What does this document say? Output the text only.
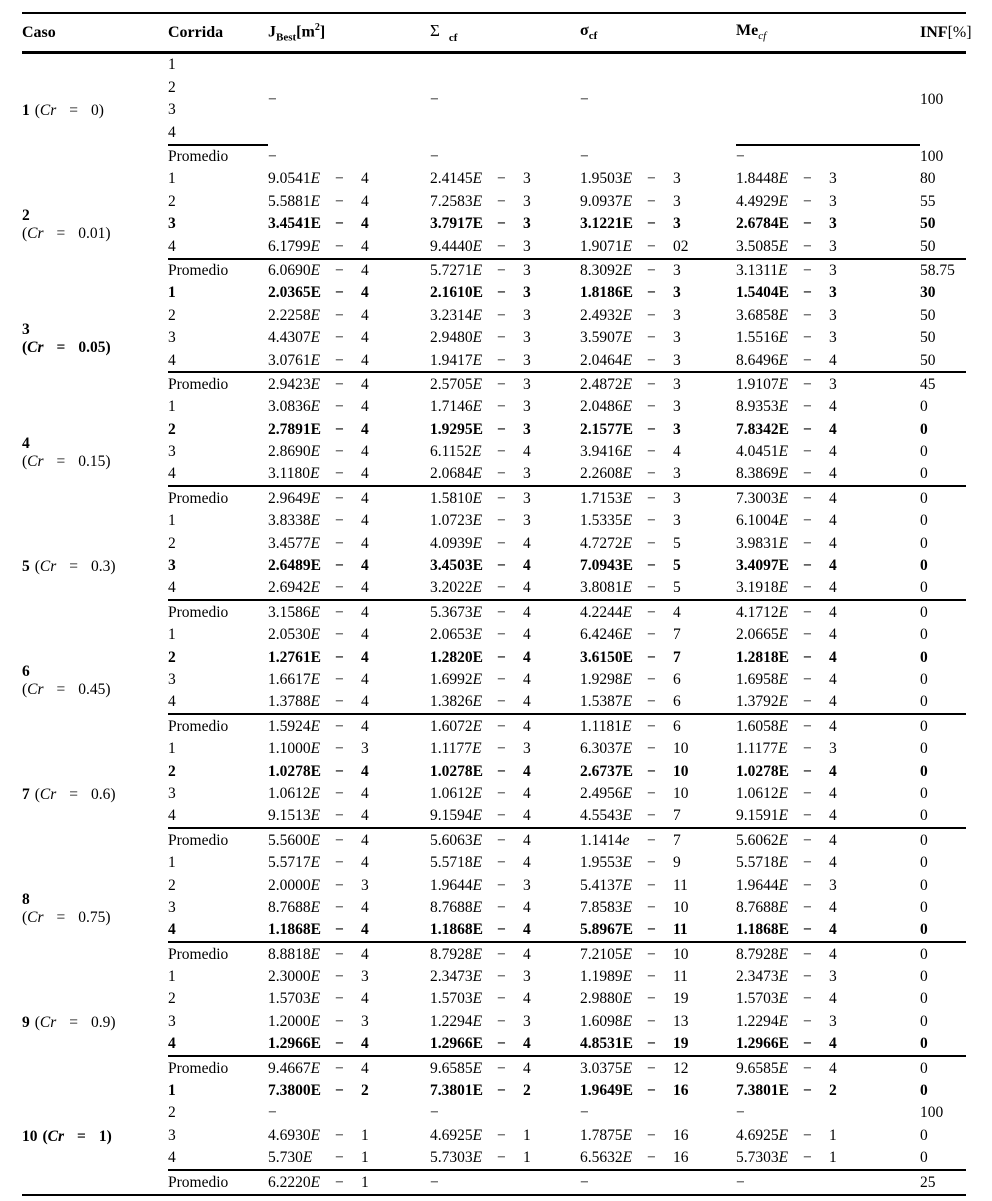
Caso	Corrida	$J_{Best}[m^2]$	Σ $_{cf}$	$\sigma_{cf}$	$Me_{cf}$	INF[%]
1 (Cr = 0)	1	−	−	−		100
	2					
	3					
	4					
	Promedio	−	−	−	−	100
2
(Cr = 0.01)	1	9.0541E − 4	2.4145E − 3	1.9503E − 3	1.8448E − 3	80
	2	5.5881E − 4	7.2583E − 3	9.0937E − 3	4.4929E − 3	55
	3	3.4541E − 4	3.7917E − 3	3.1221E − 3	2.6784E − 3	50
	4	6.1799E − 4	9.4440E − 3	1.9071E − 02	3.5085E − 3	50
	Promedio	6.0690E − 4	5.7271E − 3	8.3092E − 3	3.1311E − 3	58.75
3
(Cr = 0.05)	1	2.0365E − 4	2.1610E − 3	1.8186E − 3	1.5404E − 3	30
	2	2.2258E − 4	3.2314E − 3	2.4932E − 3	3.6858E − 3	50
	3	4.4307E − 4	2.9480E − 3	3.5907E − 3	1.5516E − 3	50
	4	3.0761E − 4	1.9417E − 3	2.0464E − 3	8.6496E − 4	50
	Promedio	2.9423E − 4	2.5705E − 3	2.4872E − 3	1.9107E − 3	45
4
(Cr = 0.15)	1	3.0836E − 4	1.7146E − 3	2.0486E − 3	8.9353E − 4	0
	2	2.7891E − 4	1.9295E − 3	2.1577E − 3	7.8342E − 4	0
	3	2.8690E − 4	6.1152E − 4	3.9416E − 4	4.0451E − 4	0
	4	3.1180E − 4	2.0684E − 3	2.2608E − 3	8.3869E − 4	0
	Promedio	2.9649E − 4	1.5810E − 3	1.7153E − 3	7.3003E − 4	0
5 (Cr = 0.3)	1	3.8338E − 4	1.0723E − 3	1.5335E − 3	6.1004E − 4	0
	2	3.4577E − 4	4.0939E − 4	4.7272E − 5	3.9831E − 4	0
	3	2.6489E − 4	3.4503E − 4	7.0943E − 5	3.4097E − 4	0
	4	2.6942E − 4	3.2022E − 4	3.8081E − 5	3.1918E − 4	0
	Promedio	3.1586E − 4	5.3673E − 4	4.2244E − 4	4.1712E − 4	0
6
(Cr = 0.45)	1	2.0530E − 4	2.0653E − 4	6.4246E − 7	2.0665E − 4	0
	2	1.2761E − 4	1.2820E − 4	3.6150E − 7	1.2818E − 4	0
	3	1.6617E − 4	1.6992E − 4	1.9298E − 6	1.6958E − 4	0
	4	1.3788E − 4	1.3826E − 4	1.5387E − 6	1.3792E − 4	0
	Promedio	1.5924E − 4	1.6072E − 4	1.1181E − 6	1.6058E − 4	0
7 (Cr = 0.6)	1	1.1000E − 3	1.1177E − 3	6.3037E − 10	1.1177E − 3	0
	2	1.0278E − 4	1.0278E − 4	2.6737E − 10	1.0278E − 4	0
	3	1.0612E − 4	1.0612E − 4	2.4956E − 10	1.0612E − 4	0
	4	9.1513E − 4	9.1594E − 4	4.5543E − 7	9.1591E − 4	0
	Promedio	5.5600E − 4	5.6063E − 4	1.1414e − 7	5.6062E − 4	0
8
(Cr = 0.75)	1	5.5717E − 4	5.5718E − 4	1.9553E − 9	5.5718E − 4	0
	2	2.0000E − 3	1.9644E − 3	5.4137E − 11	1.9644E − 3	0
	3	8.7688E − 4	8.7688E − 4	7.8583E − 10	8.7688E − 4	0
	4	1.1868E − 4	1.1868E − 4	5.8967E − 11	1.1868E − 4	0
	Promedio	8.8818E − 4	8.7928E − 4	7.2105E − 10	8.7928E − 4	0
9 (Cr = 0.9)	1	2.3000E − 3	2.3473E − 3	1.1989E − 11	2.3473E − 3	0
	2	1.5703E − 4	1.5703E − 4	2.9880E − 19	1.5703E − 4	0
	3	1.2000E − 3	1.2294E − 3	1.6098E − 13	1.2294E − 3	0
	4	1.2966E − 4	1.2966E − 4	4.8531E − 19	1.2966E − 4	0
	Promedio	9.4667E − 4	9.6585E − 4	3.0375E − 12	9.6585E − 4	0
10 (Cr = 1)	1	7.3800E − 2	7.3801E − 2	1.9649E − 16	7.3801E − 2	0
	2	−	−	−	−	100
	3	4.6930E − 1	4.6925E − 1	1.7875E − 16	4.6925E − 1	0
	4	5.730E − 1	5.7303E − 1	6.5632E − 16	5.7303E − 1	0
	Promedio	6.2220E − 1	−	−	−	25
